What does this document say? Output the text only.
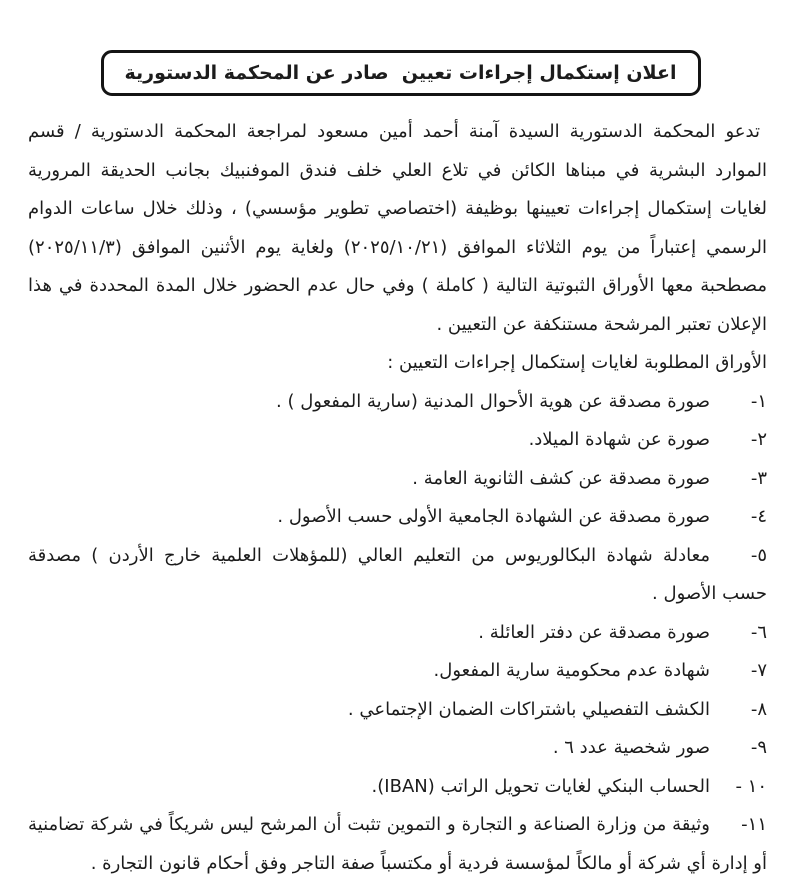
اعلان إستكمال إجراءات تعيين  صادر عن المحكمة الدستورية

تدعو المحكمة الدستورية السيدة آمنة أحمد أمين مسعود لمراجعة المحكمة الدستورية / قسم الموارد البشرية في مبناها الكائن في تلاع العلي خلف فندق الموفنبيك بجانب الحديقة المرورية لغايات إستكمال إجراءات تعيينها بوظيفة (اختصاصي تطوير مؤسسي) ، وذلك خلال ساعات الدوام الرسمي إعتباراً من يوم الثلاثاء الموافق (٢٠٢٥/١٠/٢١) ولغاية يوم الأثنين الموافق (٢٠٢٥/١١/٣) مصطحبة معها الأوراق الثبوتية التالية ( كاملة ) وفي حال عدم الحضور خلال المدة المحددة في هذا الإعلان تعتبر المرشحة مستنكفة عن التعيين .

الأوراق المطلوبة لغايات إستكمال إجراءات التعيين :
١-صورة مصدقة عن هوية الأحوال المدنية (سارية المفعول ) .
٢-صورة عن شهادة الميلاد.
٣-صورة مصدقة عن كشف الثانوية العامة .
٤-صورة مصدقة عن الشهادة الجامعية الأولى حسب الأصول .
٥-معادلة شهادة البكالوريوس من التعليم العالي (للمؤهلات العلمية خارج الأردن ) مصدقة حسب الأصول .
٦-صورة مصدقة عن دفتر العائلة .
٧-شهادة عدم محكومية سارية المفعول.
٨-الكشف التفصيلي باشتراكات الضمان الإجتماعي .
٩-صور شخصية عدد ٦ .
١٠ -الحساب البنكي لغايات تحويل الراتب (IBAN).
١١-وثيقة من وزارة الصناعة و التجارة و التموين تثبت أن المرشح ليس شريكاً في شركة تضامنية أو إدارة أي شركة أو مالكاً لمؤسسة فردية أو مكتسباً صفة التاجر وفق أحكام قانون التجارة .
